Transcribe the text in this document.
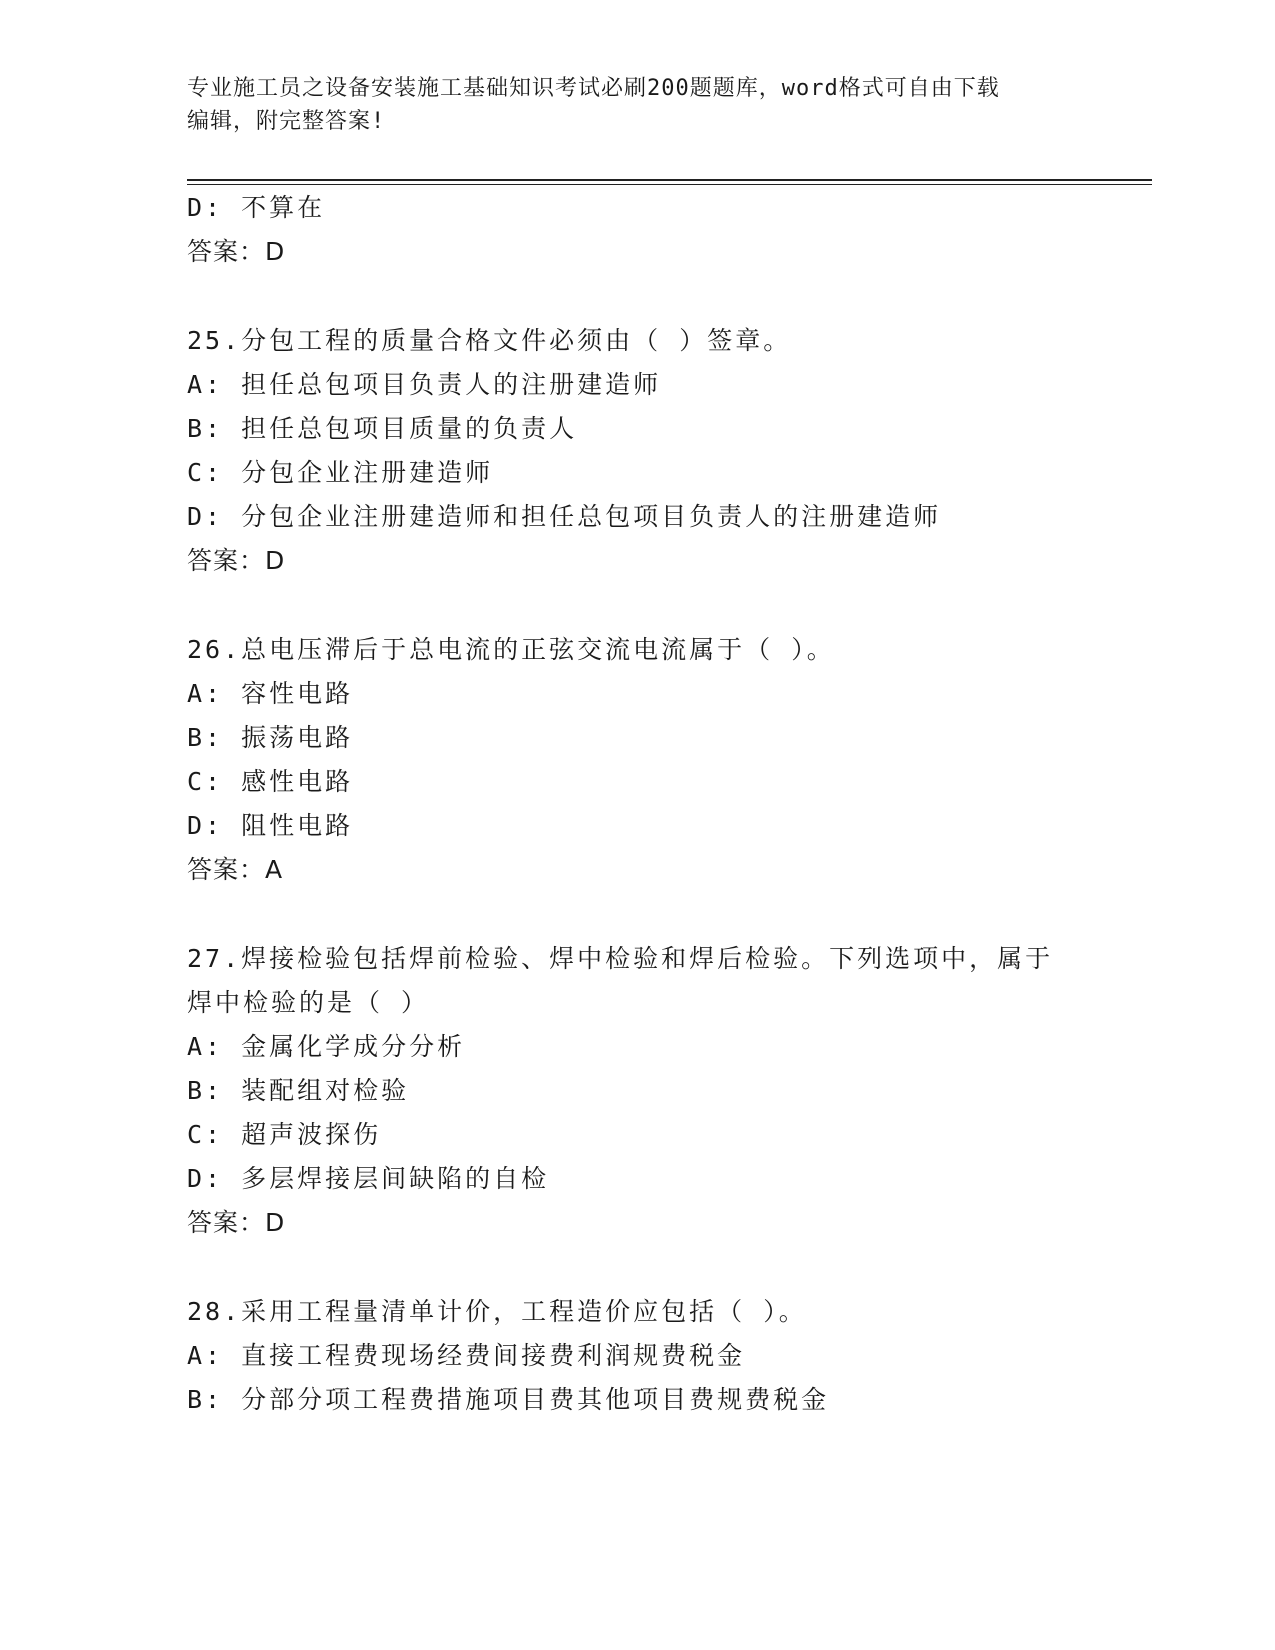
专业施工员之设备安装施工基础知识考试必刷200题题库，word格式可自由下载
编辑，附完整答案!
D: 不算在
答案：D
25.分包工程的质量合格文件必须由（ ）签章。
A: 担任总包项目负责人的注册建造师
B: 担任总包项目质量的负责人
C: 分包企业注册建造师
D: 分包企业注册建造师和担任总包项目负责人的注册建造师
答案：D
26.总电压滞后于总电流的正弦交流电流属于（ ）。
A: 容性电路
B: 振荡电路
C: 感性电路
D: 阻性电路
答案：A
27.焊接检验包括焊前检验、焊中检验和焊后检验。下列选项中，属于
焊中检验的是（ ）
A: 金属化学成分分析
B: 装配组对检验
C: 超声波探伤
D: 多层焊接层间缺陷的自检
答案：D
28.采用工程量清单计价，工程造价应包括（ ）。
A: 直接工程费现场经费间接费利润规费税金
B: 分部分项工程费措施项目费其他项目费规费税金
